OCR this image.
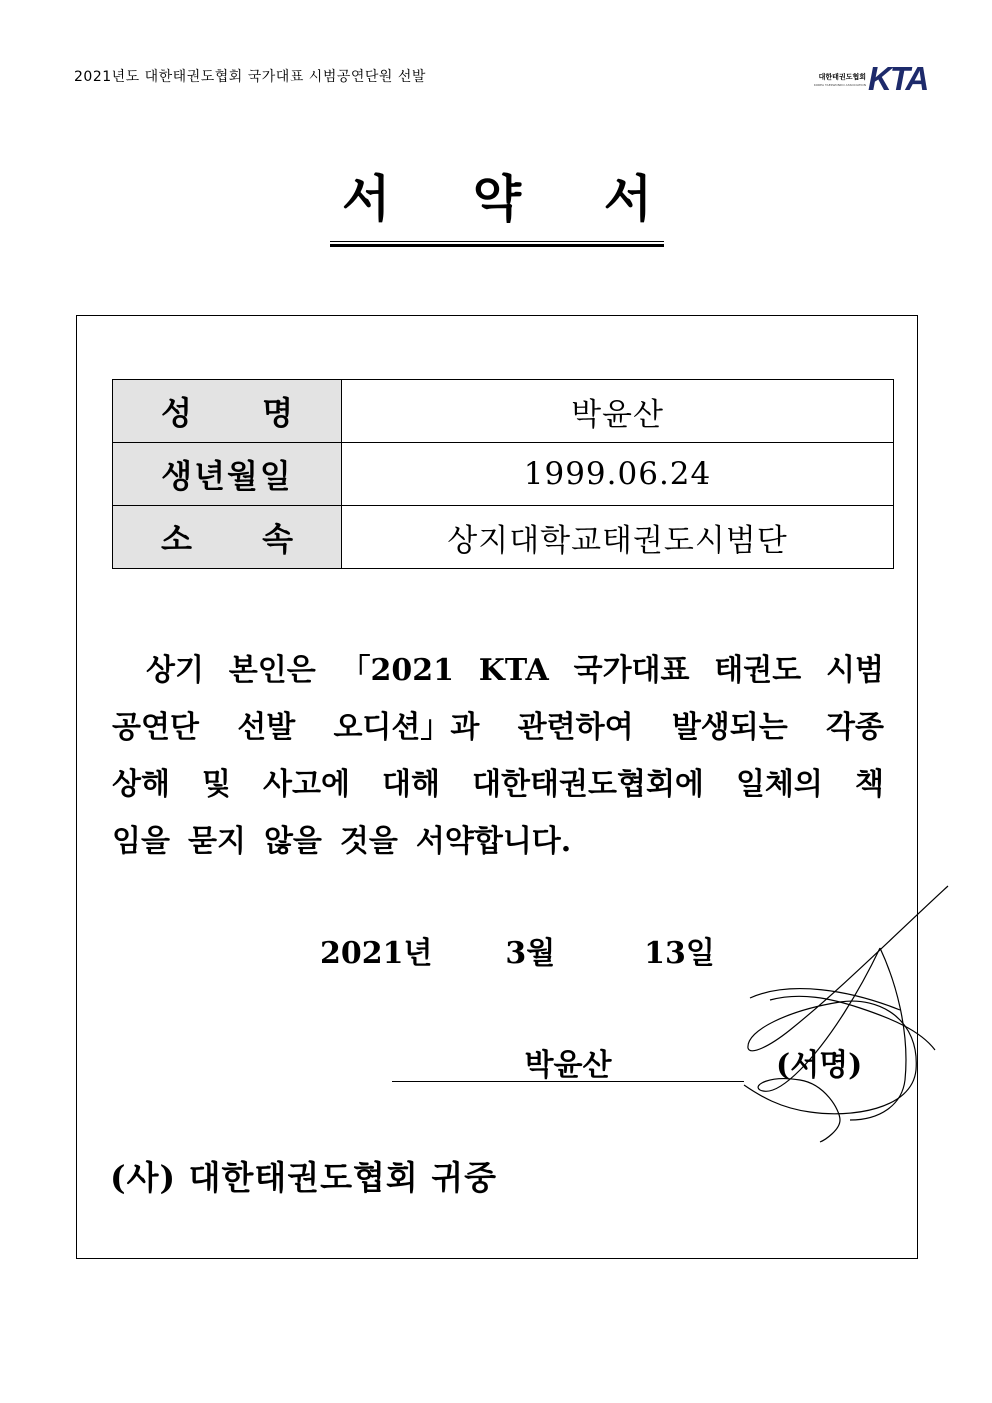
2021년도 대한태권도협회 국가대표 시범공연단원 선발	대한태권도협회
KOREA TAEKWONDO ASSOCIATION KTA
서 약 서
성 명	박윤산

생년월일	1999.06.24

소 속	상지대학교태권도시범단
상기 본인은 「2021 KTA 국가대표 태권도 시범
공연단 선발 오디션」과 관련하여 발생되는 각종
상해 및 사고에 대해 대한태권도협회에 일체의 책
임을 묻지 않을 것을 서약합니다.
2021년 3월	13일
박윤산	(서명)
(사) 대한태권도협회 귀중
